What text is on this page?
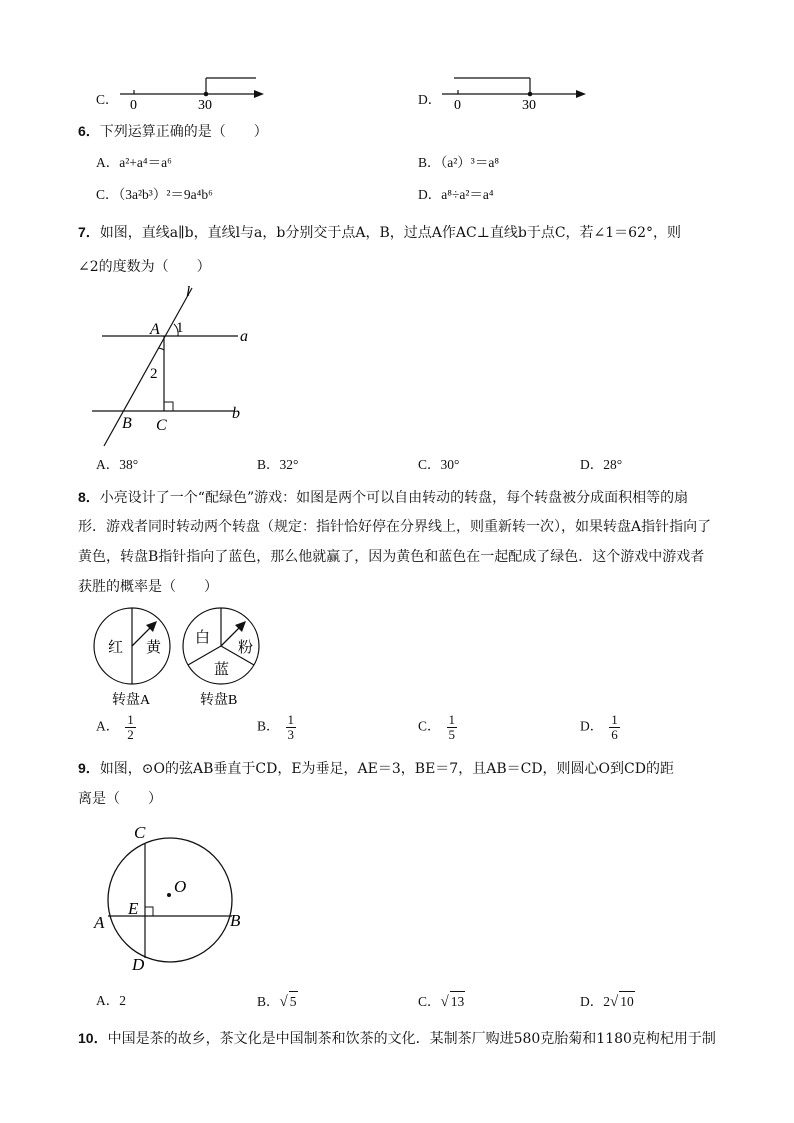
C． 0	30	D． 0	30
6．下列运算正确的是（　　）
A．a²+a⁴＝a⁶	B．（a²）³＝a⁸
C．（3a²b³）²＝9a⁴b⁶	D．a⁸÷a²＝a⁴
7．如图，直线a∥b，直线l与a，b分别交于点A，B，过点A作AC⊥直线b于点C，若∠1＝62°，则
∠2的度数为（　　）
l
A 1	a
2
B C
b
A．38°	B．32°	C．30°	D．28°
8．小亮设计了一个“配绿色”游戏：如图是两个可以自由转动的转盘，每个转盘被分成面积相等的扇
形．游戏者同时转动两个转盘（规定：指针恰好停在分界线上，则重新转一次），如果转盘A指针指向了
黄色，转盘B指针指向了蓝色，那么他就赢了，因为黄色和蓝色在一起配成了绿色．这个游戏中游戏者
获胜的概率是（　　）
红 黄
白
粉
蓝
转盘A	转盘B
A． $\frac{1}{2}$	B． $\frac{1}{3}$	C． $\frac{1}{5}$	D． $\frac{1}{6}$
9．如图，⊙O的弦AB垂直于CD，E为垂足，AE＝3，BE＝7，且AB＝CD，则圆心O到CD的距
离是（　　）
C
O
E
A	B
D
A．2	B．√ 5	C．√ 13	D．2√ 10
10．中国是茶的故乡，茶文化是中国制茶和饮茶的文化．某制茶厂购进580克胎菊和1180克枸杞用于制
